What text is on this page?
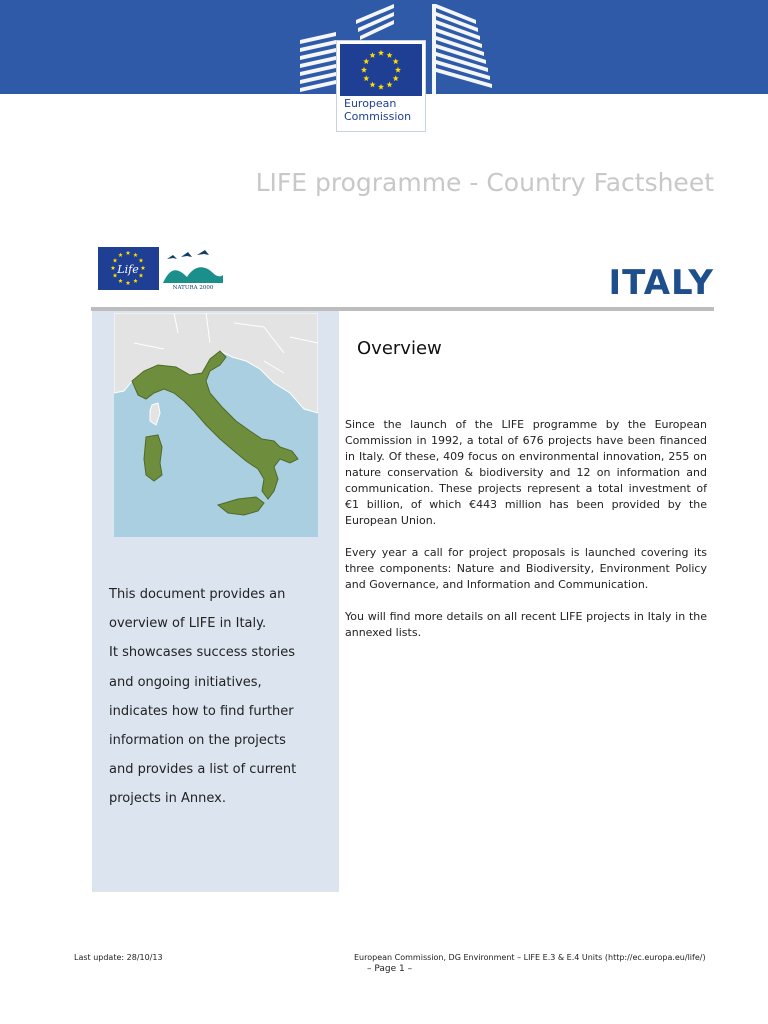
European
Commission
LIFE programme - Country Factsheet
Life
NATURA 2000	ITALY
This document provides an
overview of LIFE in Italy.
It showcases success stories
and ongoing initiatives,
indicates how to find further
information on the projects
and provides a list of current
projects in Annex.
Overview

Since the launch of the LIFE programme by the European Commission in 1992, a total of 676 projects have been financed in Italy. Of these, 409 focus on environmental innovation, 255 on nature conservation & biodiversity and 12 on information and communication. These projects represent a total investment of €1 billion, of which €443 million has been provided by the European Union.

Every year a call for project proposals is launched covering its three components: Nature and Biodiversity, Environment Policy and Governance, and Information and Communication.

You will find more details on all recent LIFE projects in Italy in the annexed lists.

Last update: 28/10/13	European Commission, DG Environment – LIFE E.3 & E.4 Units (http://ec.europa.eu/life/)
– Page 1 –
